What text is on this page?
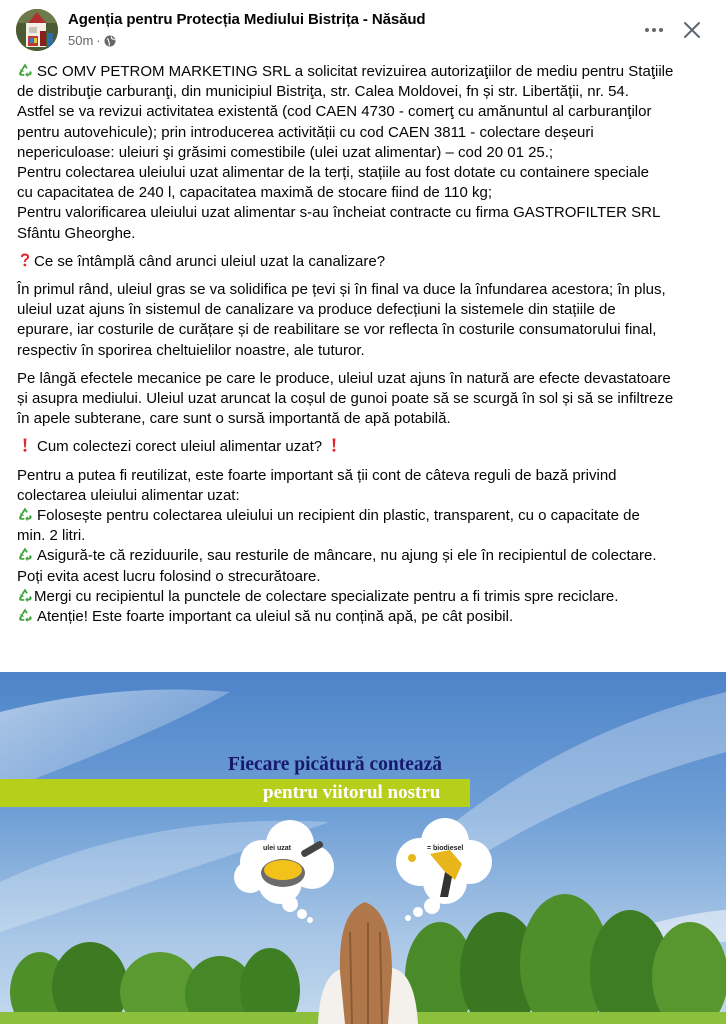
Agenția pentru Protecția Mediului Bistrița - Năsăud
50m ·

SC OMV PETROM MARKETING SRL a solicitat revizuirea autorizaţiilor de mediu pentru Staţiile
de distribuţie carburanţi, din municipiul Bistriţa, str. Calea Moldovei, fn și str. Libertății, nr. 54.
Astfel se va revizui activitatea existentă (cod CAEN 4730 - comerţ cu amănuntul al carburanţilor
pentru autovehicule); prin introducerea activității cu cod CAEN 3811 - colectare deșeuri
nepericuloase: uleiuri şi grăsimi comestibile (ulei uzat alimentar) – cod 20 01 25.;
Pentru colectarea uleiului uzat alimentar de la terți, stațiile au fost dotate cu containere speciale
cu capacitatea de 240 l, capacitatea maximă de stocare fiind de 110 kg;
Pentru valorificarea uleiului uzat alimentar s-au încheiat contracte cu firma GASTROFILTER SRL
Sfântu Gheorghe.

Ce se întâmplă când arunci uleiul uzat la canalizare?

În primul rând, uleiul gras se va solidifica pe țevi și în final va duce la înfundarea acestora; în plus,
uleiul uzat ajuns în sistemul de canalizare va produce defecțiuni la sistemele din stațiile de
epurare, iar costurile de curățare și de reabilitare se vor reflecta în costurile consumatorului final,
respectiv în sporirea cheltuielilor noastre, ale tuturor.

Pe lângă efectele mecanice pe care le produce, uleiul uzat ajuns în natură are efecte devastatoare
și asupra mediului. Uleiul uzat aruncat la coșul de gunoi poate să se scurgă în sol și să se infiltreze
în apele subterane, care sunt o sursă importantă de apă potabilă.

Cum colectezi corect uleiul alimentar uzat?

Pentru a putea fi reutilizat, este foarte important să ții cont de câteva reguli de bază privind
colectarea uleiului alimentar uzat:
Folosește pentru colectarea uleiului un recipient din plastic, transparent, cu o capacitate de
min. 2 litri.
Asigură-te că reziduurile, sau resturile de mâncare, nu ajung și ele în recipientul de colectare.
Poți evita acest lucru folosind o strecurătoare.
Mergi cu recipientul la punctele de colectare specializate pentru a fi trimis spre reciclare.
Atenție! Este foarte important ca uleiul să nu conțină apă, pe cât posibil.

ulei uzat	= biodiesel
Fiecare picătură contează
pentru viitorul nostru
